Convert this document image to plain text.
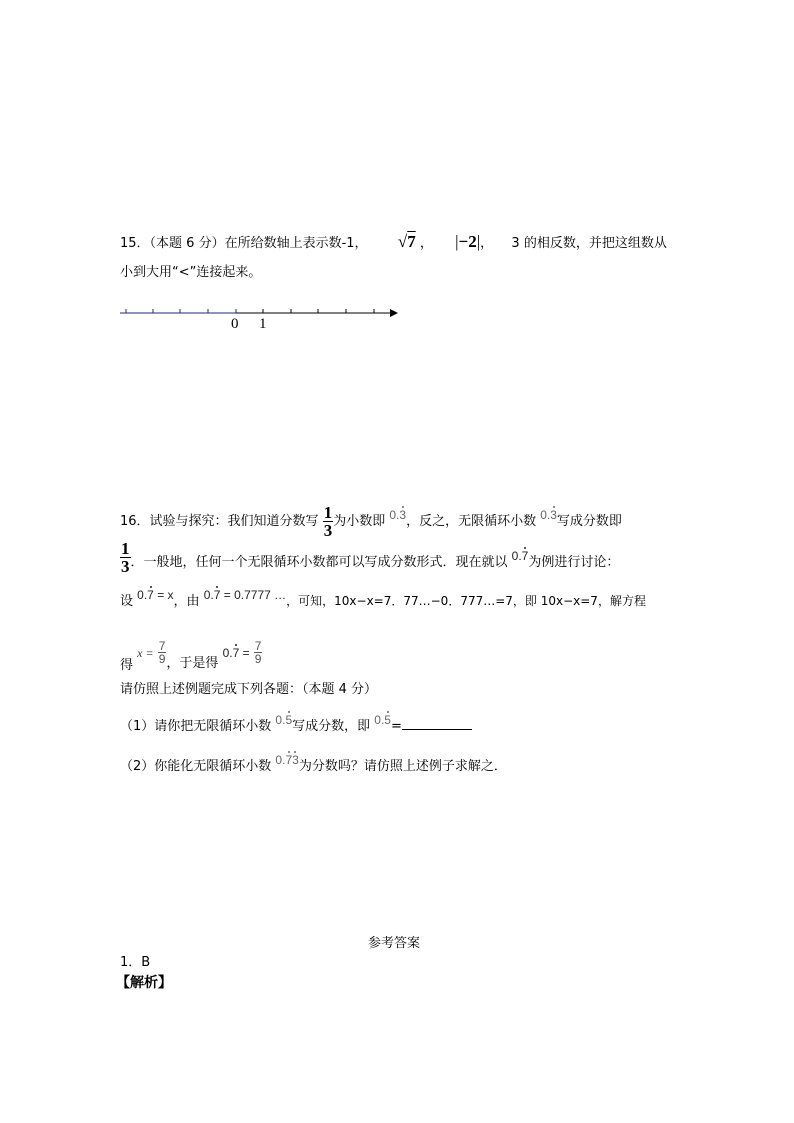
15．（本题 6 分）在所给数轴上表示数-1， √7 ， |−2|， 3 的相反数，并把这组数从
小到大用“<”连接起来。
0 1
16．试验与探究：我们知道分数写 $\frac{1}{3}$ 为小数即 0.3，反之，无限循环小数 0.3写成分数即
$\frac{1}{3}$ ．一般地，任何一个无限循环小数都可以写成分数形式．现在就以 0.7为例进行讨论：
设 0.7 = x，由 0.7 = 0.7777 …，可知，10x−x=7．77…−0．777…=7，即 10x−x=7，解方程
得 $x = \frac{7}{9}$ ，于是得 $0.7 = \frac{7}{9}$
请仿照上述例题完成下列各题：（本题 4 分）
（1）请你把无限循环小数 0.5写成分数，即 0.5=
（2）你能化无限循环小数 0.73为分数吗？请仿照上述例子求解之．
参考答案
1．B
【解析】
